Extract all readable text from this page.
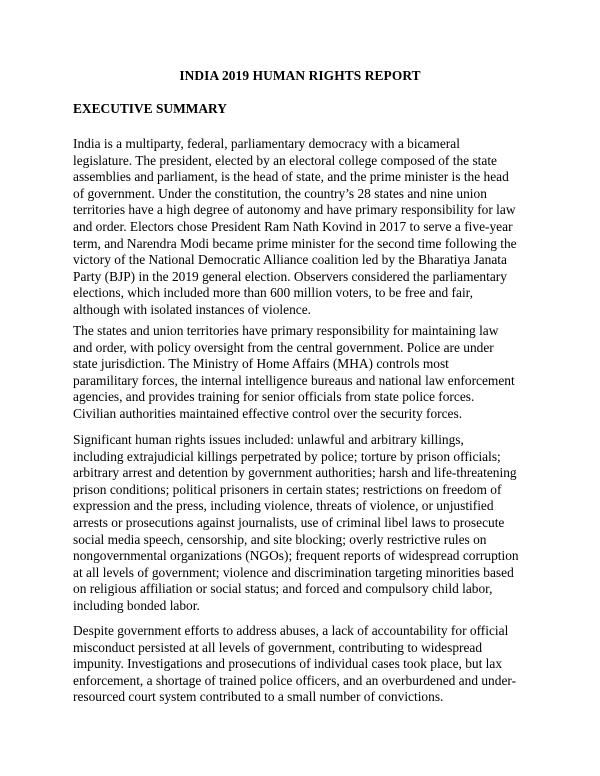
INDIA 2019 HUMAN RIGHTS REPORT
EXECUTIVE SUMMARY

India is a multiparty, federal, parliamentary democracy with a bicameral
legislature. The president, elected by an electoral college composed of the state
assemblies and parliament, is the head of state, and the prime minister is the head
of government. Under the constitution, the country’s 28 states and nine union
territories have a high degree of autonomy and have primary responsibility for law
and order. Electors chose President Ram Nath Kovind in 2017 to serve a five-year
term, and Narendra Modi became prime minister for the second time following the
victory of the National Democratic Alliance coalition led by the Bharatiya Janata
Party (BJP) in the 2019 general election. Observers considered the parliamentary
elections, which included more than 600 million voters, to be free and fair,
although with isolated instances of violence.

The states and union territories have primary responsibility for maintaining law
and order, with policy oversight from the central government. Police are under
state jurisdiction. The Ministry of Home Affairs (MHA) controls most
paramilitary forces, the internal intelligence bureaus and national law enforcement
agencies, and provides training for senior officials from state police forces.
Civilian authorities maintained effective control over the security forces.

Significant human rights issues included: unlawful and arbitrary killings,
including extrajudicial killings perpetrated by police; torture by prison officials;
arbitrary arrest and detention by government authorities; harsh and life-threatening
prison conditions; political prisoners in certain states; restrictions on freedom of
expression and the press, including violence, threats of violence, or unjustified
arrests or prosecutions against journalists, use of criminal libel laws to prosecute
social media speech, censorship, and site blocking; overly restrictive rules on
nongovernmental organizations (NGOs); frequent reports of widespread corruption
at all levels of government; violence and discrimination targeting minorities based
on religious affiliation or social status; and forced and compulsory child labor,
including bonded labor.

Despite government efforts to address abuses, a lack of accountability for official
misconduct persisted at all levels of government, contributing to widespread
impunity. Investigations and prosecutions of individual cases took place, but lax
enforcement, a shortage of trained police officers, and an overburdened and under-
resourced court system contributed to a small number of convictions.
